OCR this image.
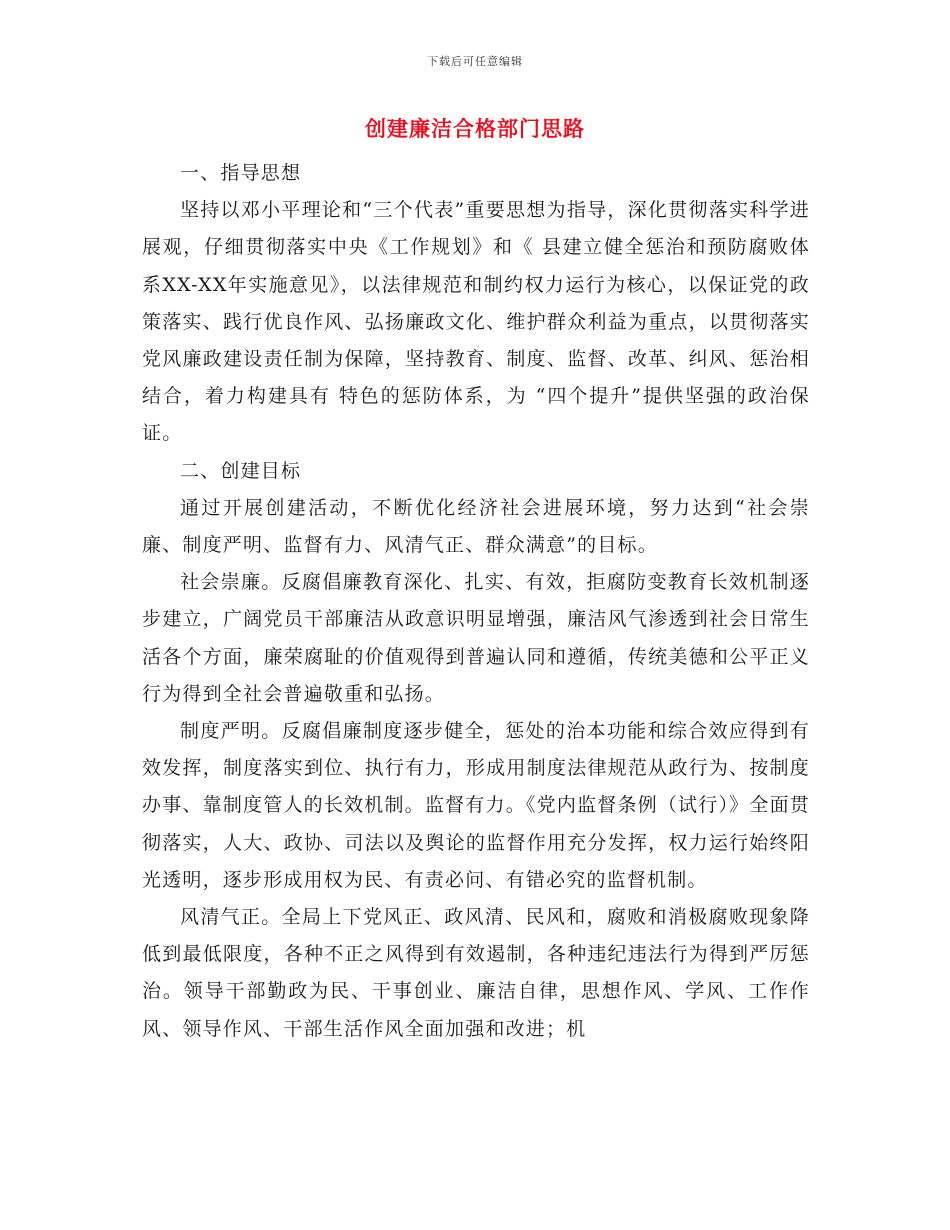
下载后可任意编辑
创建廉洁合格部门思路

一、指导思想

坚持以邓小平理论和“三个代表”重要思想为指导，深化贯彻落实科学进展观，仔细贯彻落实中央《工作规划》和《 县建立健全惩治和预防腐败体系XX-XX年实施意见》，以法律规范和制约权力运行为核心，以保证党的政策落实、践行优良作风、弘扬廉政文化、维护群众利益为重点，以贯彻落实党风廉政建设责任制为保障，坚持教育、制度、监督、改革、纠风、惩治相结合，着力构建具有 特色的惩防体系，为 “四个提升”提供坚强的政治保证。

二、创建目标

通过开展创建活动，不断优化经济社会进展环境，努力达到“社会崇廉、制度严明、监督有力、风清气正、群众满意”的目标。

社会崇廉。反腐倡廉教育深化、扎实、有效，拒腐防变教育长效机制逐步建立，广阔党员干部廉洁从政意识明显增强，廉洁风气渗透到社会日常生活各个方面，廉荣腐耻的价值观得到普遍认同和遵循，传统美德和公平正义行为得到全社会普遍敬重和弘扬。

制度严明。反腐倡廉制度逐步健全，惩处的治本功能和综合效应得到有效发挥，制度落实到位、执行有力，形成用制度法律规范从政行为、按制度办事、靠制度管人的长效机制。监督有力。《党内监督条例（试行）》全面贯彻落实，人大、政协、司法以及舆论的监督作用充分发挥，权力运行始终阳光透明，逐步形成用权为民、有责必问、有错必究的监督机制。

风清气正。全局上下党风正、政风清、民风和，腐败和消极腐败现象降低到最低限度，各种不正之风得到有效遏制，各种违纪违法行为得到严厉惩治。领导干部勤政为民、干事创业、廉洁自律，思想作风、学风、工作作风、领导作风、干部生活作风全面加强和改进；机
